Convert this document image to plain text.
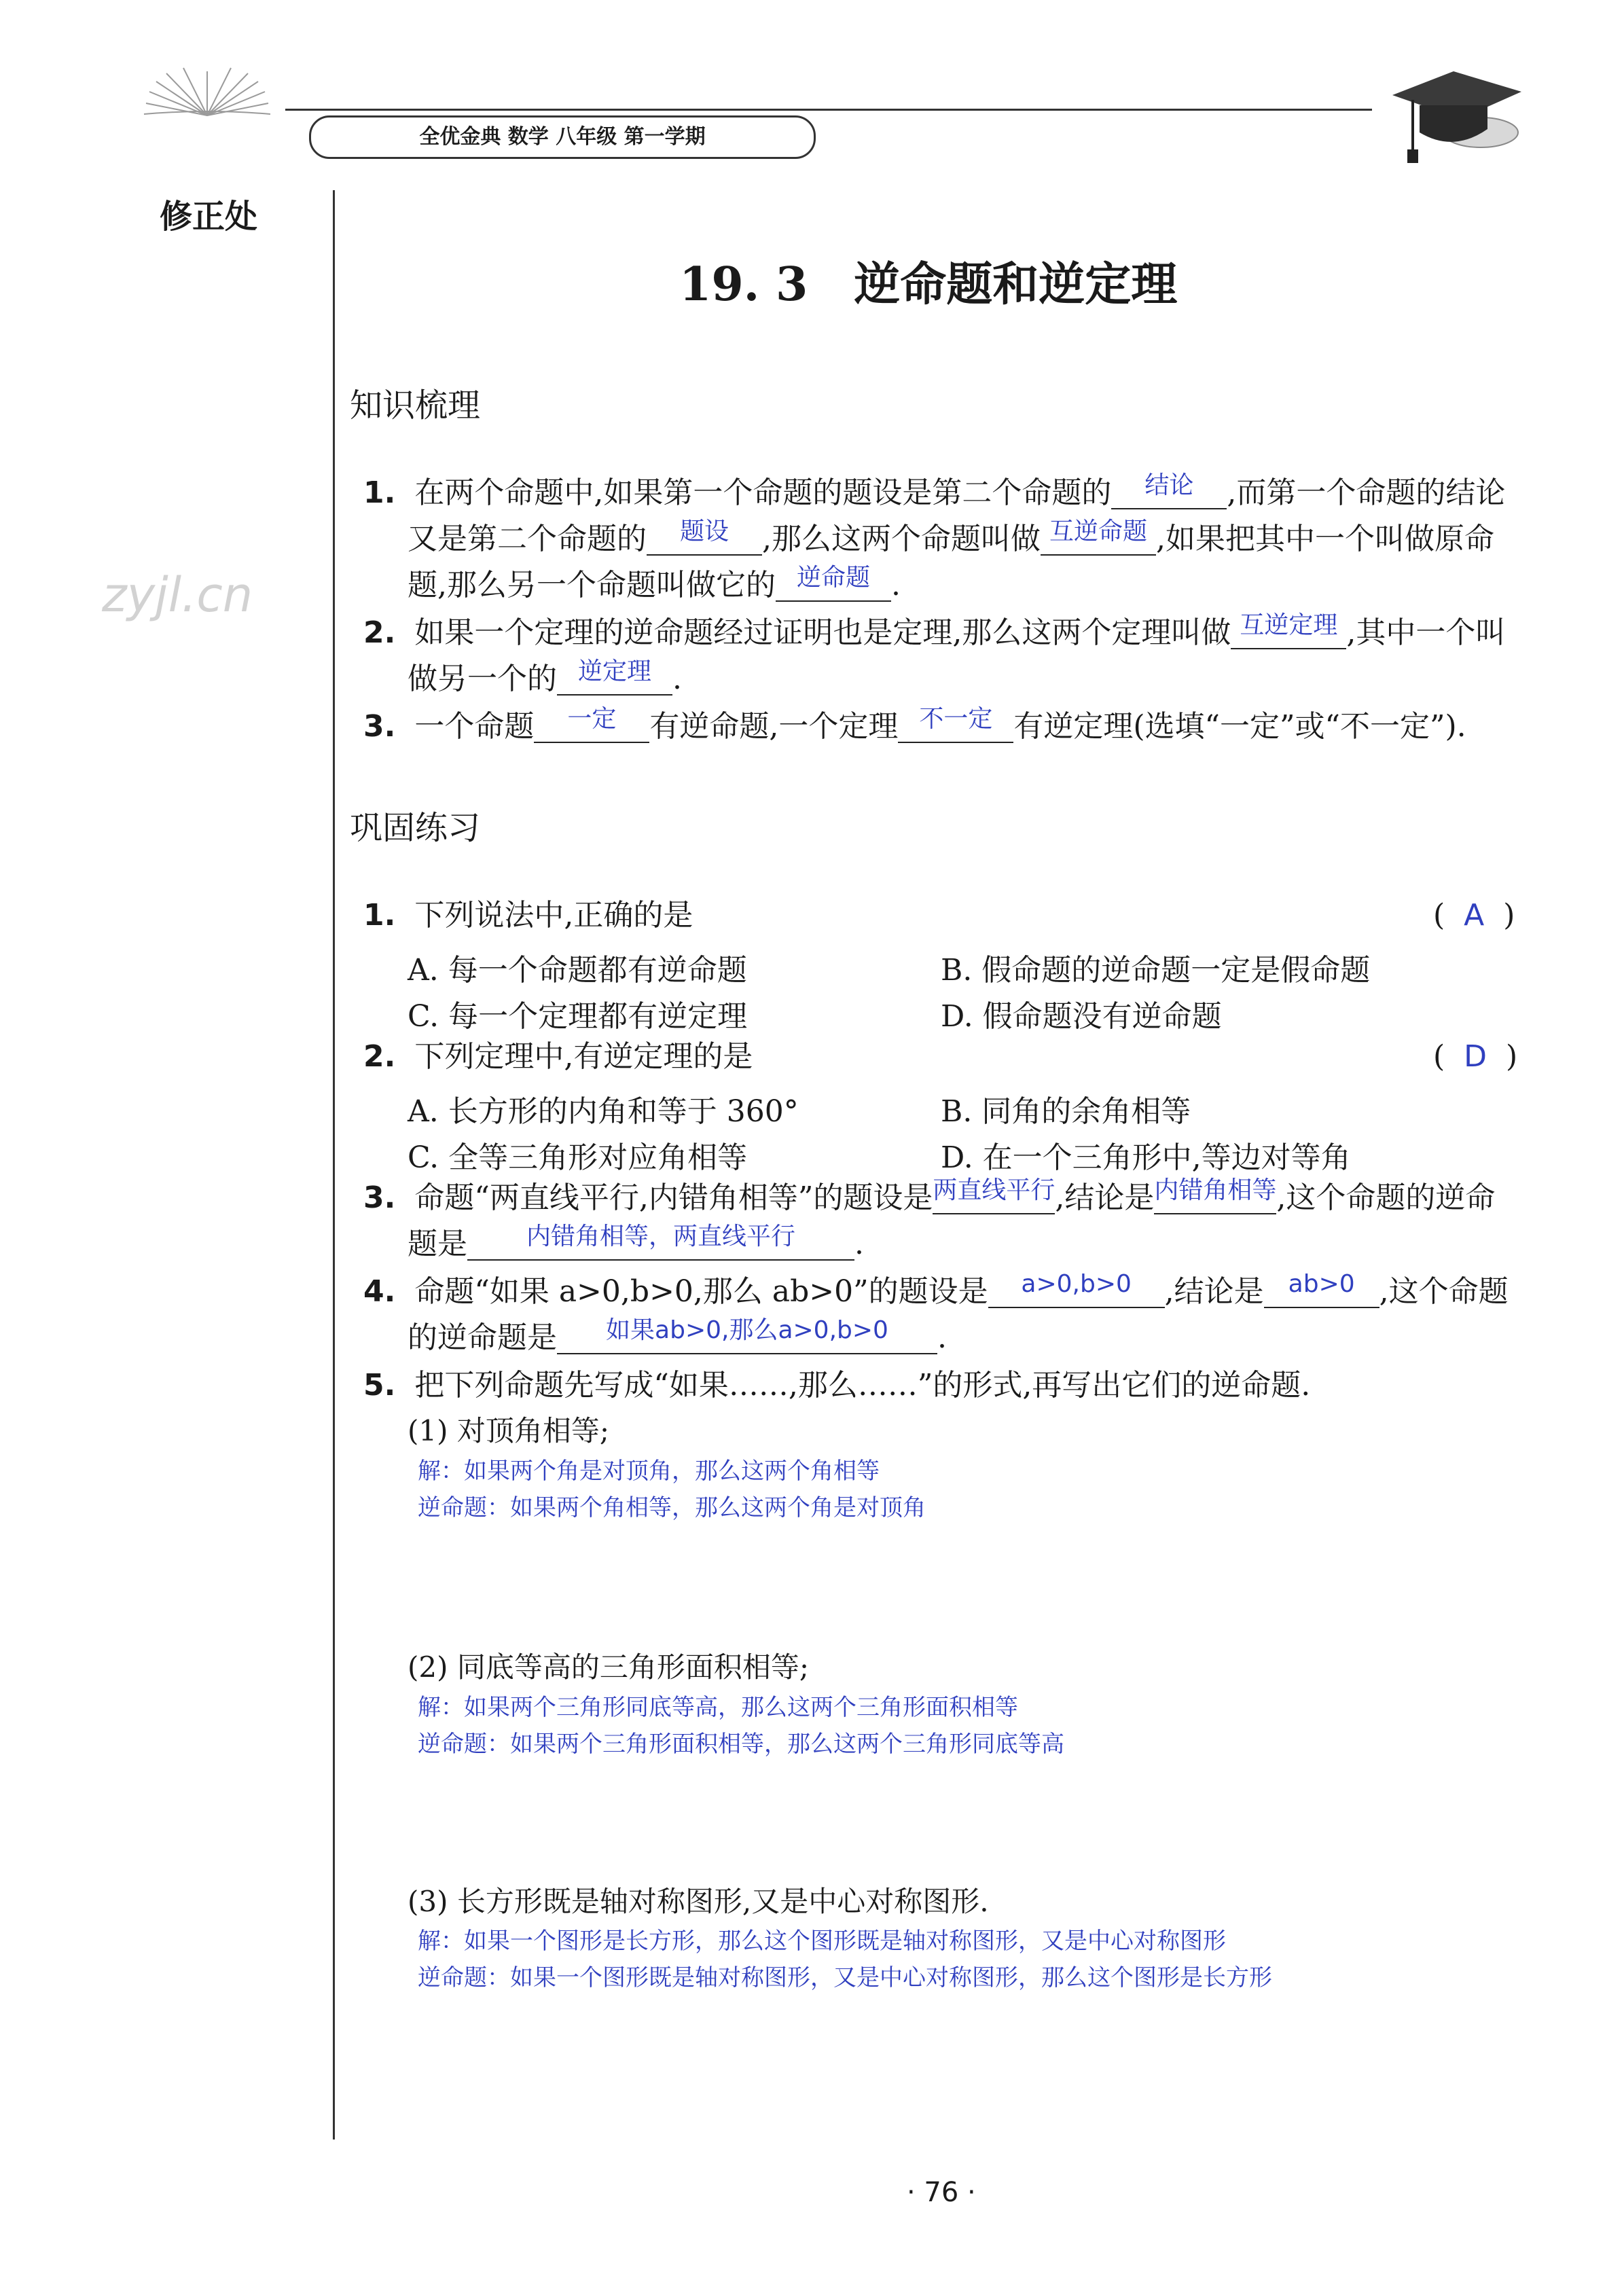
全优金典 数学 八年级 第一学期
修正处
zyjl.cn
19. 3　逆命题和逆定理
知识梳理
1. 在两个命题中,如果第一个命题的题设是第二个命题的 $^{结论}$ ,而第一个命题的结论
又是第二个命题的 $^{题设}$ ,那么这两个命题叫做 $^{互逆命题}$ ,如果把其中一个叫做原命
题,那么另一个命题叫做它的 $^{逆命题}$ .
2. 如果一个定理的逆命题经过证明也是定理,那么这两个定理叫做 $^{互逆定理}$ ,其中一个叫
做另一个的 $^{逆定理}$ .
3. 一个命题 $^{一定}$ 有逆命题,一个定理 $^{不一定}$ 有逆定理(选填“一定”或“不一定”).
巩固练习
1. 下列说法中,正确的是	(  A  )
A. 每一个命题都有逆命题	B. 假命题的逆命题一定是假命题
C. 每一个定理都有逆定理	D. 假命题没有逆命题
2. 下列定理中,有逆定理的是	(  D  )
A. 长方形的内角和等于 360°	B. 同角的余角相等
C. 全等三角形对应角相等	D. 在一个三角形中,等边对等角
3. 命题“两直线平行,内错角相等”的题设是$^{两直线平行}$,结论是$^{内错角相等}$,这个命题的逆命
题是 $^{内错角相等,两直线平行}$ .
4. 命题“如果 a>0,b>0,那么 ab>0”的题设是 $^{a>0,b>0}$ ,结论是 $^{ab>0}$ ,这个命题
的逆命题是 $^{如果ab>0,那么a>0,b>0}$ .
5. 把下列命题先写成“如果……,那么……”的形式,再写出它们的逆命题.
(1) 对顶角相等;
解：如果两个角是对顶角，那么这两个角相等
逆命题：如果两个角相等，那么这两个角是对顶角
(2) 同底等高的三角形面积相等;
解：如果两个三角形同底等高，那么这两个三角形面积相等
逆命题：如果两个三角形面积相等，那么这两个三角形同底等高
(3) 长方形既是轴对称图形,又是中心对称图形.
解：如果一个图形是长方形，那么这个图形既是轴对称图形，又是中心对称图形
逆命题：如果一个图形既是轴对称图形，又是中心对称图形，那么这个图形是长方形
· 76 ·
